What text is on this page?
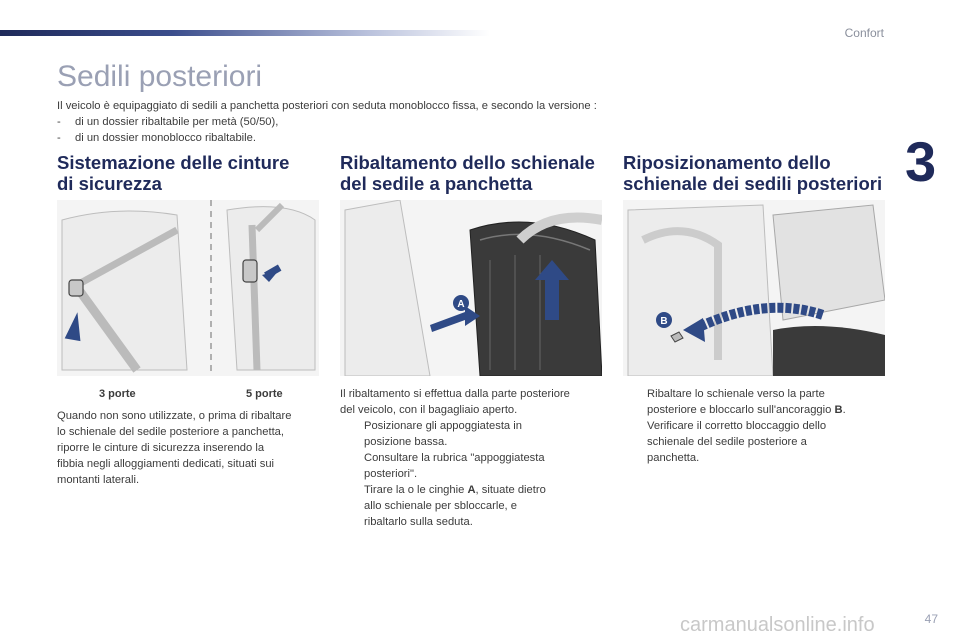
Confort
3
Sedili posteriori
Il veicolo è equipaggiato di sedili a panchetta posteriori con seduta monoblocco fissa, e secondo la versione :
- di un dossier ribaltabile per metà (50/50),
- di un dossier monoblocco ribaltabile.
Sistemazione delle cinture
di sicurezza
Ribaltamento dello schienale
del sedile a panchetta
Riposizionamento dello
schienale dei sedili posteriori
A
B
3 porte	5 porte
Quando non sono utilizzate, o prima di ribaltare
lo schienale del sedile posteriore a panchetta,
riporre le cinture di sicurezza inserendo la
fibbia negli alloggiamenti dedicati, situati sui
montanti laterali.
Il ribaltamento si effettua dalla parte posteriore
del veicolo, con il bagagliaio aperto.
Posizionare gli appoggiatesta in
posizione bassa.
Consultare la rubrica "appoggiatesta
posteriori".
Tirare la o le cinghie A, situate dietro
allo schienale per sbloccarle, e
ribaltarlo sulla seduta.
Ribaltare lo schienale verso la parte
posteriore e bloccarlo sull'ancoraggio B.
Verificare il corretto bloccaggio dello
schienale del sedile posteriore a
panchetta.
carmanualsonline.info	47
